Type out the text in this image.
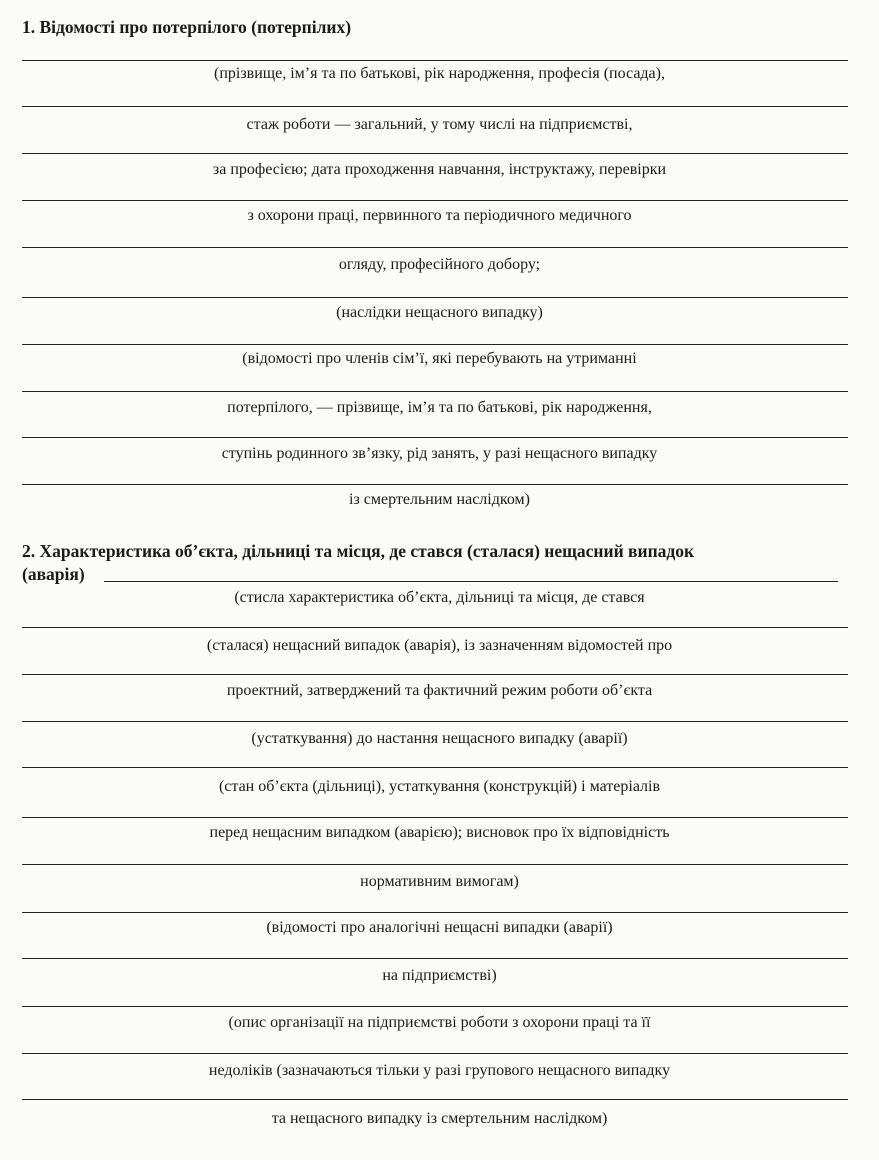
1. Відомості про потерпілого (потерпілих)
(прізвище, ім’я та по батькові, рік народження, професія (посада),
стаж роботи — загальний, у тому числі на підприємстві,
за професією; дата проходження навчання, інструктажу, перевірки
з охорони праці, первинного та періодичного медичного
огляду, професійного добору;
(наслідки нещасного випадку)
(відомості про членів сім’ї, які перебувають на утриманні
потерпілого, — прізвище, ім’я та по батькові, рік народження,
ступінь родинного зв’язку, рід занять, у разі нещасного випадку
із смертельним наслідком)
2. Характеристика об’єкта, дільниці та місця, де стався (сталася) нещасний випадок
(аварія)
(стисла характеристика об’єкта, дільниці та місця, де стався
(сталася) нещасний випадок (аварія), із зазначенням відомостей про
проектний, затверджений та фактичний режим роботи об’єкта
(устаткування) до настання нещасного випадку (аварії)
(стан об’єкта (дільниці), устаткування (конструкцій) і матеріалів
перед нещасним випадком (аварією); висновок про їх відповідність
нормативним вимогам)
(відомості про аналогічні нещасні випадки (аварії)
на підприємстві)
(опис організації на підприємстві роботи з охорони праці та її
недоліків (зазначаються тільки у разі групового нещасного випадку
та нещасного випадку із смертельним наслідком)
